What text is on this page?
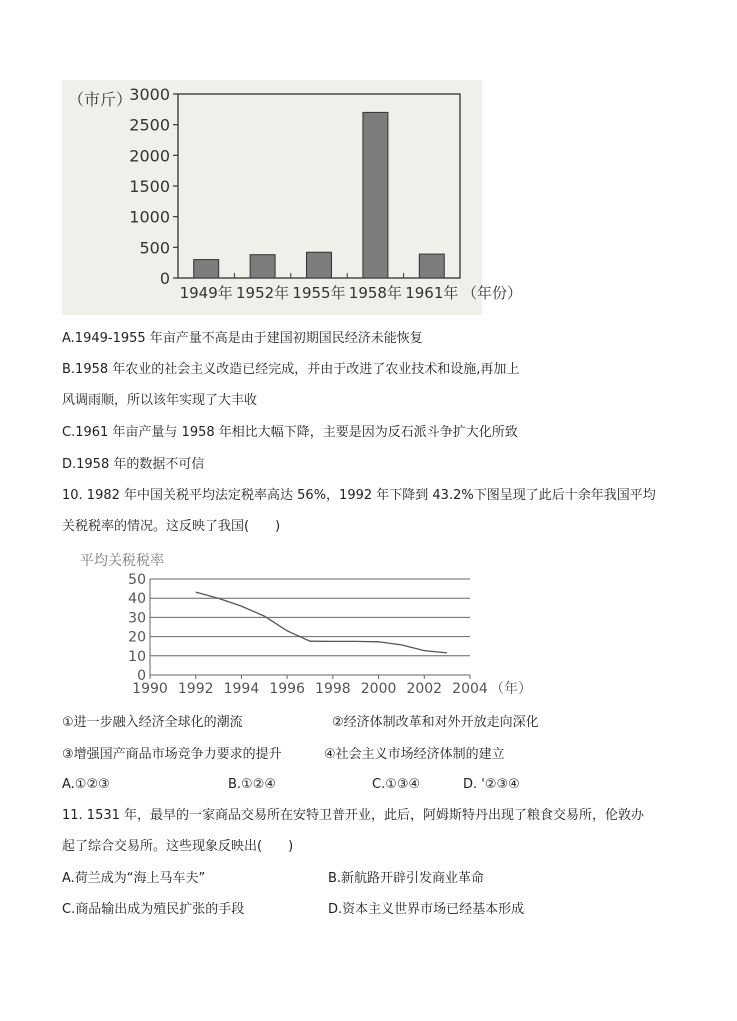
（市斤）
0
500
1000
1500
2000
2500
3000
1949年 1952年 1955年 1958年 1961年 （年份）
A.1949-1955 年亩产量不高是由于建国初期国民经济未能恢复
B.1958 年农业的社会主义改造已经完成，并由于改进了农业技术和设施,再加上
风调雨顺，所以该年实现了大丰收
C.1961 年亩产量与 1958 年相比大幅下降，主要是因为反石派斗争扩大化所致
D.1958 年的数据不可信
10. 1982 年中国关税平均法定税率高达 56%，1992 年下降到 43.2%下图呈现了此后十余年我国平均
关税税率的情况。这反映了我国(　　)
平均关税税率
0
10
20
30
40
50
1990 1992 1994 1996 1998 2000 2002 2004 （年）
①进一步融入经济全球化的潮流	②经济体制改革和对外开放走向深化
③增强国产商品市场竞争力要求的提升	④社会主义市场经济体制的建立
A.①②③	B.①②④	C.①③④	D. '②③④
11. 1531 年，最早的一家商品交易所在安特卫普开业，此后，阿姆斯特丹出现了粮食交易所，伦敦办
起了综合交易所。这些现象反映出(　　)
A.荷兰成为“海上马车夫”	B.新航路开辟引发商业革命
C.商品输出成为殖民扩张的手段	D.资本主义世界市场已经基本形成
